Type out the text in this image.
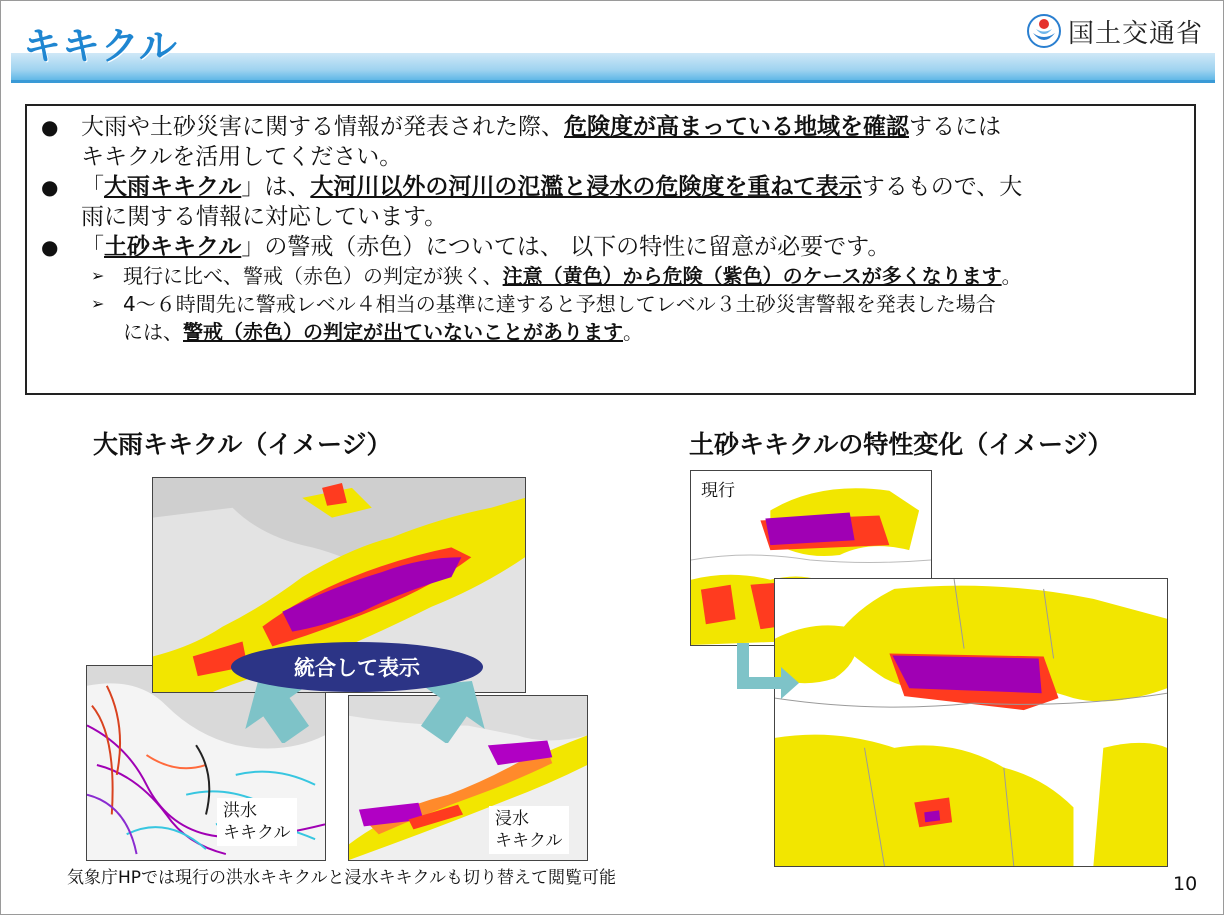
キキクル	国土交通省

● 大雨や土砂災害に関する情報が発表された際、危険度が高まっている地域を確認するには
キキクルを活用してください。

● 「大雨キキクル」は、大河川以外の河川の氾濫と浸水の危険度を重ねて表示するもので、大
雨に関する情報に対応しています。

● 「土砂キキクル」の警戒（赤色）については、 以下の特性に留意が必要です。

➢ 現行に比べ、警戒（赤色）の判定が狭く、注意（黄色）から危険（紫色）のケースが多くなります。

➢ 4～６時間先に警戒レベル４相当の基準に達すると予想してレベル３土砂災害警報を発表した場合
には、警戒（赤色）の判定が出ていないことがあります。

大雨キキクル（イメージ）
洪水
キキクル
浸水
キキクル
統合して表示
気象庁HPでは現行の洪水キキクルと浸水キキクルも切り替えて閲覧可能
土砂キキクルの特性変化（イメージ）
現行
10
